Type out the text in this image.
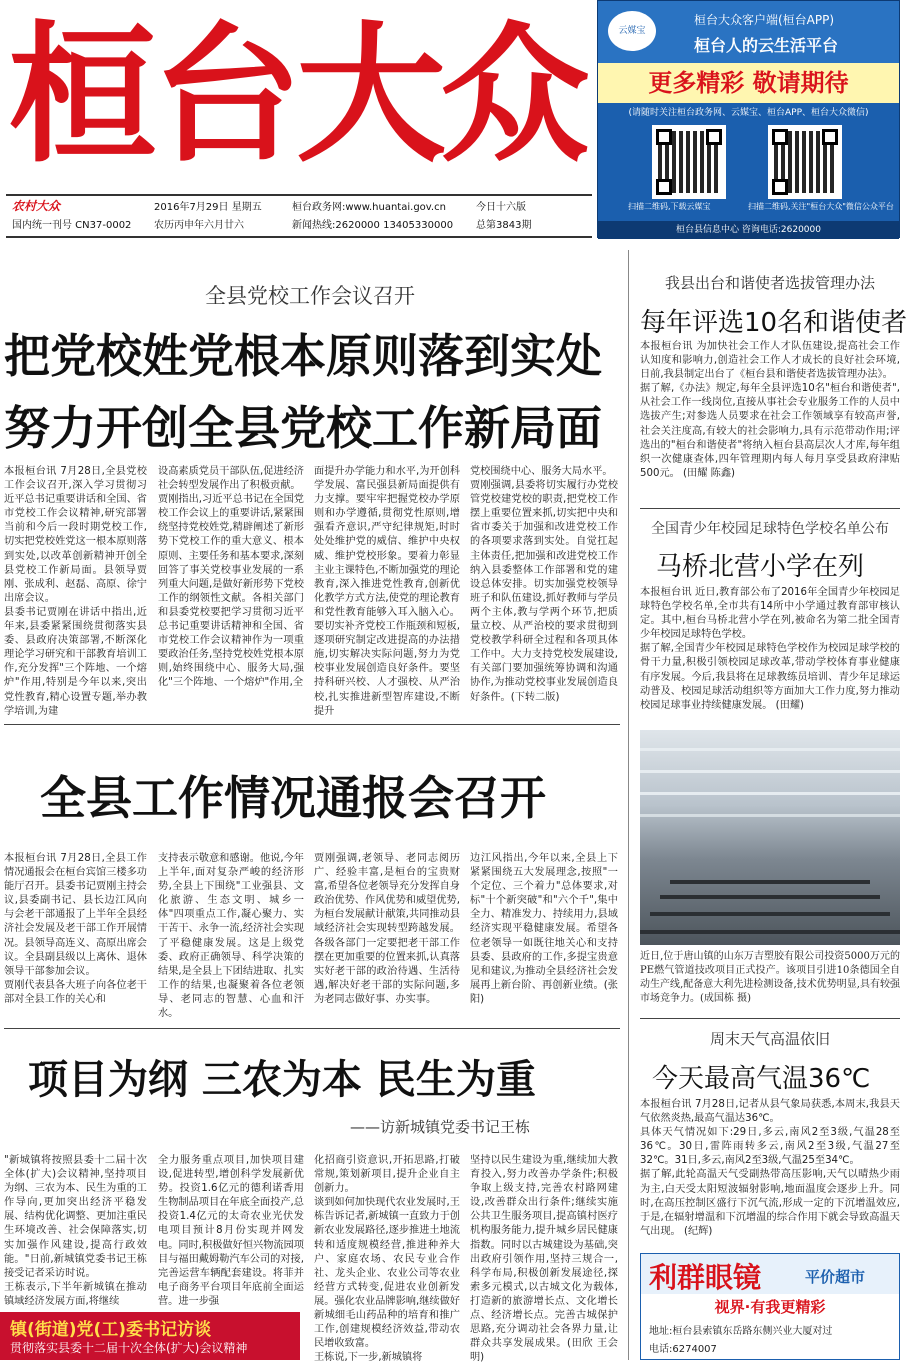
桓台大众
农村大众
国内统一刊号 CN37-0002
2016年7月29日 星期五
农历丙申年六月廿六
桓台政务网:www.huantai.gov.cn
新闻热线:2620000 13405330000
今日十六版
总第3843期
云媒宝
桓台大众客户端(桓台APP)
桓台人的云生活平台
更多精彩 敬请期待
(请随时关注桓台政务网、云媒宝、桓台APP、桓台大众微信)
扫描二维码,下载云媒宝	扫描二维码,关注"桓台大众"微信公众平台
桓台县信息中心 咨询电话:2620000
全县党校工作会议召开
把党校姓党根本原则落到实处
努力开创全县党校工作新局面
本报桓台讯 7月28日,全县党校工作会议召开,深入学习贯彻习近平总书记重要讲话和全国、省市党校工作会议精神,研究部署当前和今后一段时期党校工作,切实把党校姓党这一根本原则落到实处,以改革创新精神开创全县党校工作新局面。县领导贾刚、张成利、赵磊、高原、徐宁出席会议。
县委书记贾刚在讲话中指出,近年来,县委紧紧围绕贯彻落实县委、县政府决策部署,不断深化理论学习研究和干部教育培训工作,充分发挥"三个阵地、一个熔炉"作用,特别是今年以来,突出党性教育,精心设置专题,举办教学培训,为建
设高素质党员干部队伍,促进经济社会转型发展作出了积极贡献。
贾刚指出,习近平总书记在全国党校工作会议上的重要讲话,紧紧围绕坚持党校姓党,精辟阐述了新形势下党校工作的重大意义、根本原则、主要任务和基本要求,深刻回答了事关党校事业发展的一系列重大问题,是做好新形势下党校工作的纲领性文献。各相关部门和县委党校要把学习贯彻习近平总书记重要讲话精神和全国、省市党校工作会议精神作为一项重要政治任务,坚持党校姓党根本原则,始终围绕中心、服务大局,强化"三个阵地、一个熔炉"作用,全
面提升办学能力和水平,为开创科学发展、富民强县新局面提供有力支撑。要牢牢把握党校办学原则和办学遵循,贯彻党性原则,增强看齐意识,严守纪律规矩,时时处处维护党的威信、维护中央权威、维护党校形象。要着力彰显主业主课特色,不断加强党的理论教育,深入推进党性教育,创新优化教学方式方法,使党的理论教育和党性教育能够入耳入脑入心。要切实补齐党校工作瓶颈和短板,逐项研究制定改进提高的办法措施,切实解决实际问题,努力为党校事业发展创造良好条件。要坚持科研兴校、人才强校、从严治校,扎实推进新型智库建设,不断提升
党校围绕中心、服务大局水平。
贾刚强调,县委将切实履行办党校管党校建党校的职责,把党校工作摆上重要位置来抓,切实把中央和省市委关于加强和改进党校工作的各项要求落到实处。自觉扛起主体责任,把加强和改进党校工作纳入县委整体工作部署和党的建设总体安排。切实加强党校领导班子和队伍建设,抓好教师与学员两个主体,教与学两个环节,把质量立校、从严治校的要求贯彻到党校教学科研全过程和各项具体工作中。大力支持党校发展建设,有关部门要加强统筹协调和沟通协作,为推动党校事业发展创造良好条件。(下转二版)
全县工作情况通报会召开
本报桓台讯 7月28日,全县工作情况通报会在桓台宾馆三楼多功能厅召开。县委书记贾刚主持会议,县委副书记、县长边江风向与会老干部通报了上半年全县经济社会发展及老干部工作开展情况。县领导高连义、高原出席会议。全县副县级以上离休、退休领导干部参加会议。
贾刚代表县各大班子向各位老干部对全县工作的关心和
支持表示敬意和感谢。他说,今年上半年,面对复杂严峻的经济形势,全县上下围绕"工业强县、文化旅游、生态文明、城乡一体"四项重点工作,凝心聚力、实干苦干、永争一流,经济社会实现了平稳健康发展。这是上级党委、政府正确领导、科学决策的结果,是全县上下团结进取、扎实工作的结果,也凝聚着各位老领导、老同志的智慧、心血和汗水。
贾刚强调,老领导、老同志阅历广、经验丰富,是桓台的宝贵财富,希望各位老领导充分发挥自身政治优势、作风优势和威望优势,为桓台发展献计献策,共同推动县域经济社会实现转型跨越发展。各级各部门一定要把老干部工作摆在更加重要的位置来抓,认真落实好老干部的政治待遇、生活待遇,解决好老干部的实际问题,多为老同志做好事、办实事。
边江风指出,今年以来,全县上下紧紧围绕五大发展理念,按照"一个定位、三个着力"总体要求,对标"十个新突破"和"六个千",集中全力、精准发力、持续用力,县域经济实现平稳健康发展。希望各位老领导一如既往地关心和支持县委、县政府的工作,多提宝贵意见和建议,为推动全县经济社会发展再上新台阶、再创新业绩。(张阳)
项目为纲 三农为本 民生为重
——访新城镇党委书记王栋
"新城镇将按照县委十二届十次全体(扩大)会议精神,坚持项目为纲、三农为本、民生为重的工作导向,更加突出经济平稳发展、结构优化调整、更加注重民生环境改善、社会保障落实,切实加强作风建设,提高行政效能。"日前,新城镇党委书记王栋接受记者采访时说。
王栋表示,下半年新城镇在推动镇域经济发展方面,将继续
全力服务重点项目,加快项目建设,促进转型,增创科学发展新优势。投资1.6亿元的德利诺香用生物制品项目在年底全面投产,总投资1.4亿元的太奇农业光伏发电项目预计8月份实现并网发电。同时,积极做好恒兴物流园项目与福田戴姆勒汽车公司的对接,完善运营车辆配套建设。将菲并电子商务平台项目年底前全面运营。进一步强
化招商引资意识,开拓思路,打破常规,策划新项目,提升企业自主创新力。
谈到如何加快现代农业发展时,王栋告诉记者,新城镇一直致力于创新农业发展路径,逐步推进土地流转和适度规模经营,推进种养大户、家庭农场、农民专业合作社、龙头企业、农业公司等农业经营方式转变,促进农业创新发展。强化农业品牌影响,继续做好新城细毛山药品种的培育和推广工作,创建规模经济效益,带动农民增收致富。
王栋说,下一步,新城镇将
坚持以民生建设为重,继续加大教育投入,努力改善办学条件;积极争取上级支持,完善农村路网建设,改善群众出行条件;继续实施公共卫生服务项目,提高镇村医疗机构服务能力,提升城乡居民健康指数。同时以古城建设为基础,突出政府引领作用,坚持三规合一,科学布局,积极创新发展途径,探索多元模式,以古城文化为载体,打造新的旅游增长点、文化增长点、经济增长点。完善古城保护思路,充分调动社会各界力量,让群众共享发展成果。(田欣 王会明)
镇(街道)党(工)委书记访谈
贯彻落实县委十二届十次全体(扩大)会议精神
我县出台和谐使者选拔管理办法
每年评选10名和谐使者
本报桓台讯 为加快社会工作人才队伍建设,提高社会工作认知度和影响力,创造社会工作人才成长的良好社会环境,日前,我县制定出台了《桓台县和谐使者选拔管理办法》。
据了解,《办法》规定,每年全县评选10名"桓台和谐使者",从社会工作一线岗位,直接从事社会专业服务工作的人员中选拔产生;对参选人员要求在社会工作领域享有较高声誉,社会关注度高,有较大的社会影响力,具有示范带动作用;评选出的"桓台和谐使者"将纳入桓台县高层次人才库,每年组织一次健康查体,四年管理期内每人每月享受县政府津贴500元。 (田耀 陈鑫)
全国青少年校园足球特色学校名单公布
马桥北营小学在列
本报桓台讯 近日,教育部公布了2016年全国青少年校园足球特色学校名单,全市共有14所中小学通过教育部审核认定。其中,桓台马桥北营小学在列,被命名为第二批全国青少年校园足球特色学校。
据了解,全国青少年校园足球特色学校作为校园足球学校的骨干力量,积极引领校园足球改革,带动学校体育事业健康有序发展。今后,我县将在足球教练员培训、青少年足球运动普及、校园足球活动组织等方面加大工作力度,努力推动校园足球事业持续健康发展。 (田耀)
近日,位于唐山镇的山东万吉塑胶有限公司投资5000万元的PE燃气管道技改项目正式投产。该项目引进10条德国全自动生产线,配备意大利先进检测设备,技术优势明显,具有较强市场竞争力。(成国栋 摄)
周末天气高温依旧
今天最高气温36℃
本报桓台讯 7月28日,记者从县气象局获悉,本周末,我县天气依然炎热,最高气温达36℃。
具体天气情况如下:29日,多云,南风2至3级,气温28至36℃。30日,雷阵雨转多云,南风2至3级,气温27至32℃。31日,多云,南风2至3级,气温25至34℃。
据了解,此轮高温天气受副热带高压影响,天气以晴热少雨为主,白天受太阳短波辐射影响,地面温度会逐步上升。同时,在高压控制区盛行下沉气流,形成一定的下沉增温效应,于是,在辐射增温和下沉增温的综合作用下就会导致高温天气出现。 (纪辉)
利群眼镜	平价超市
视界·有我更精彩
地址:桓台县索镇东岳路东侧兴业大厦对过
电话:6274007
